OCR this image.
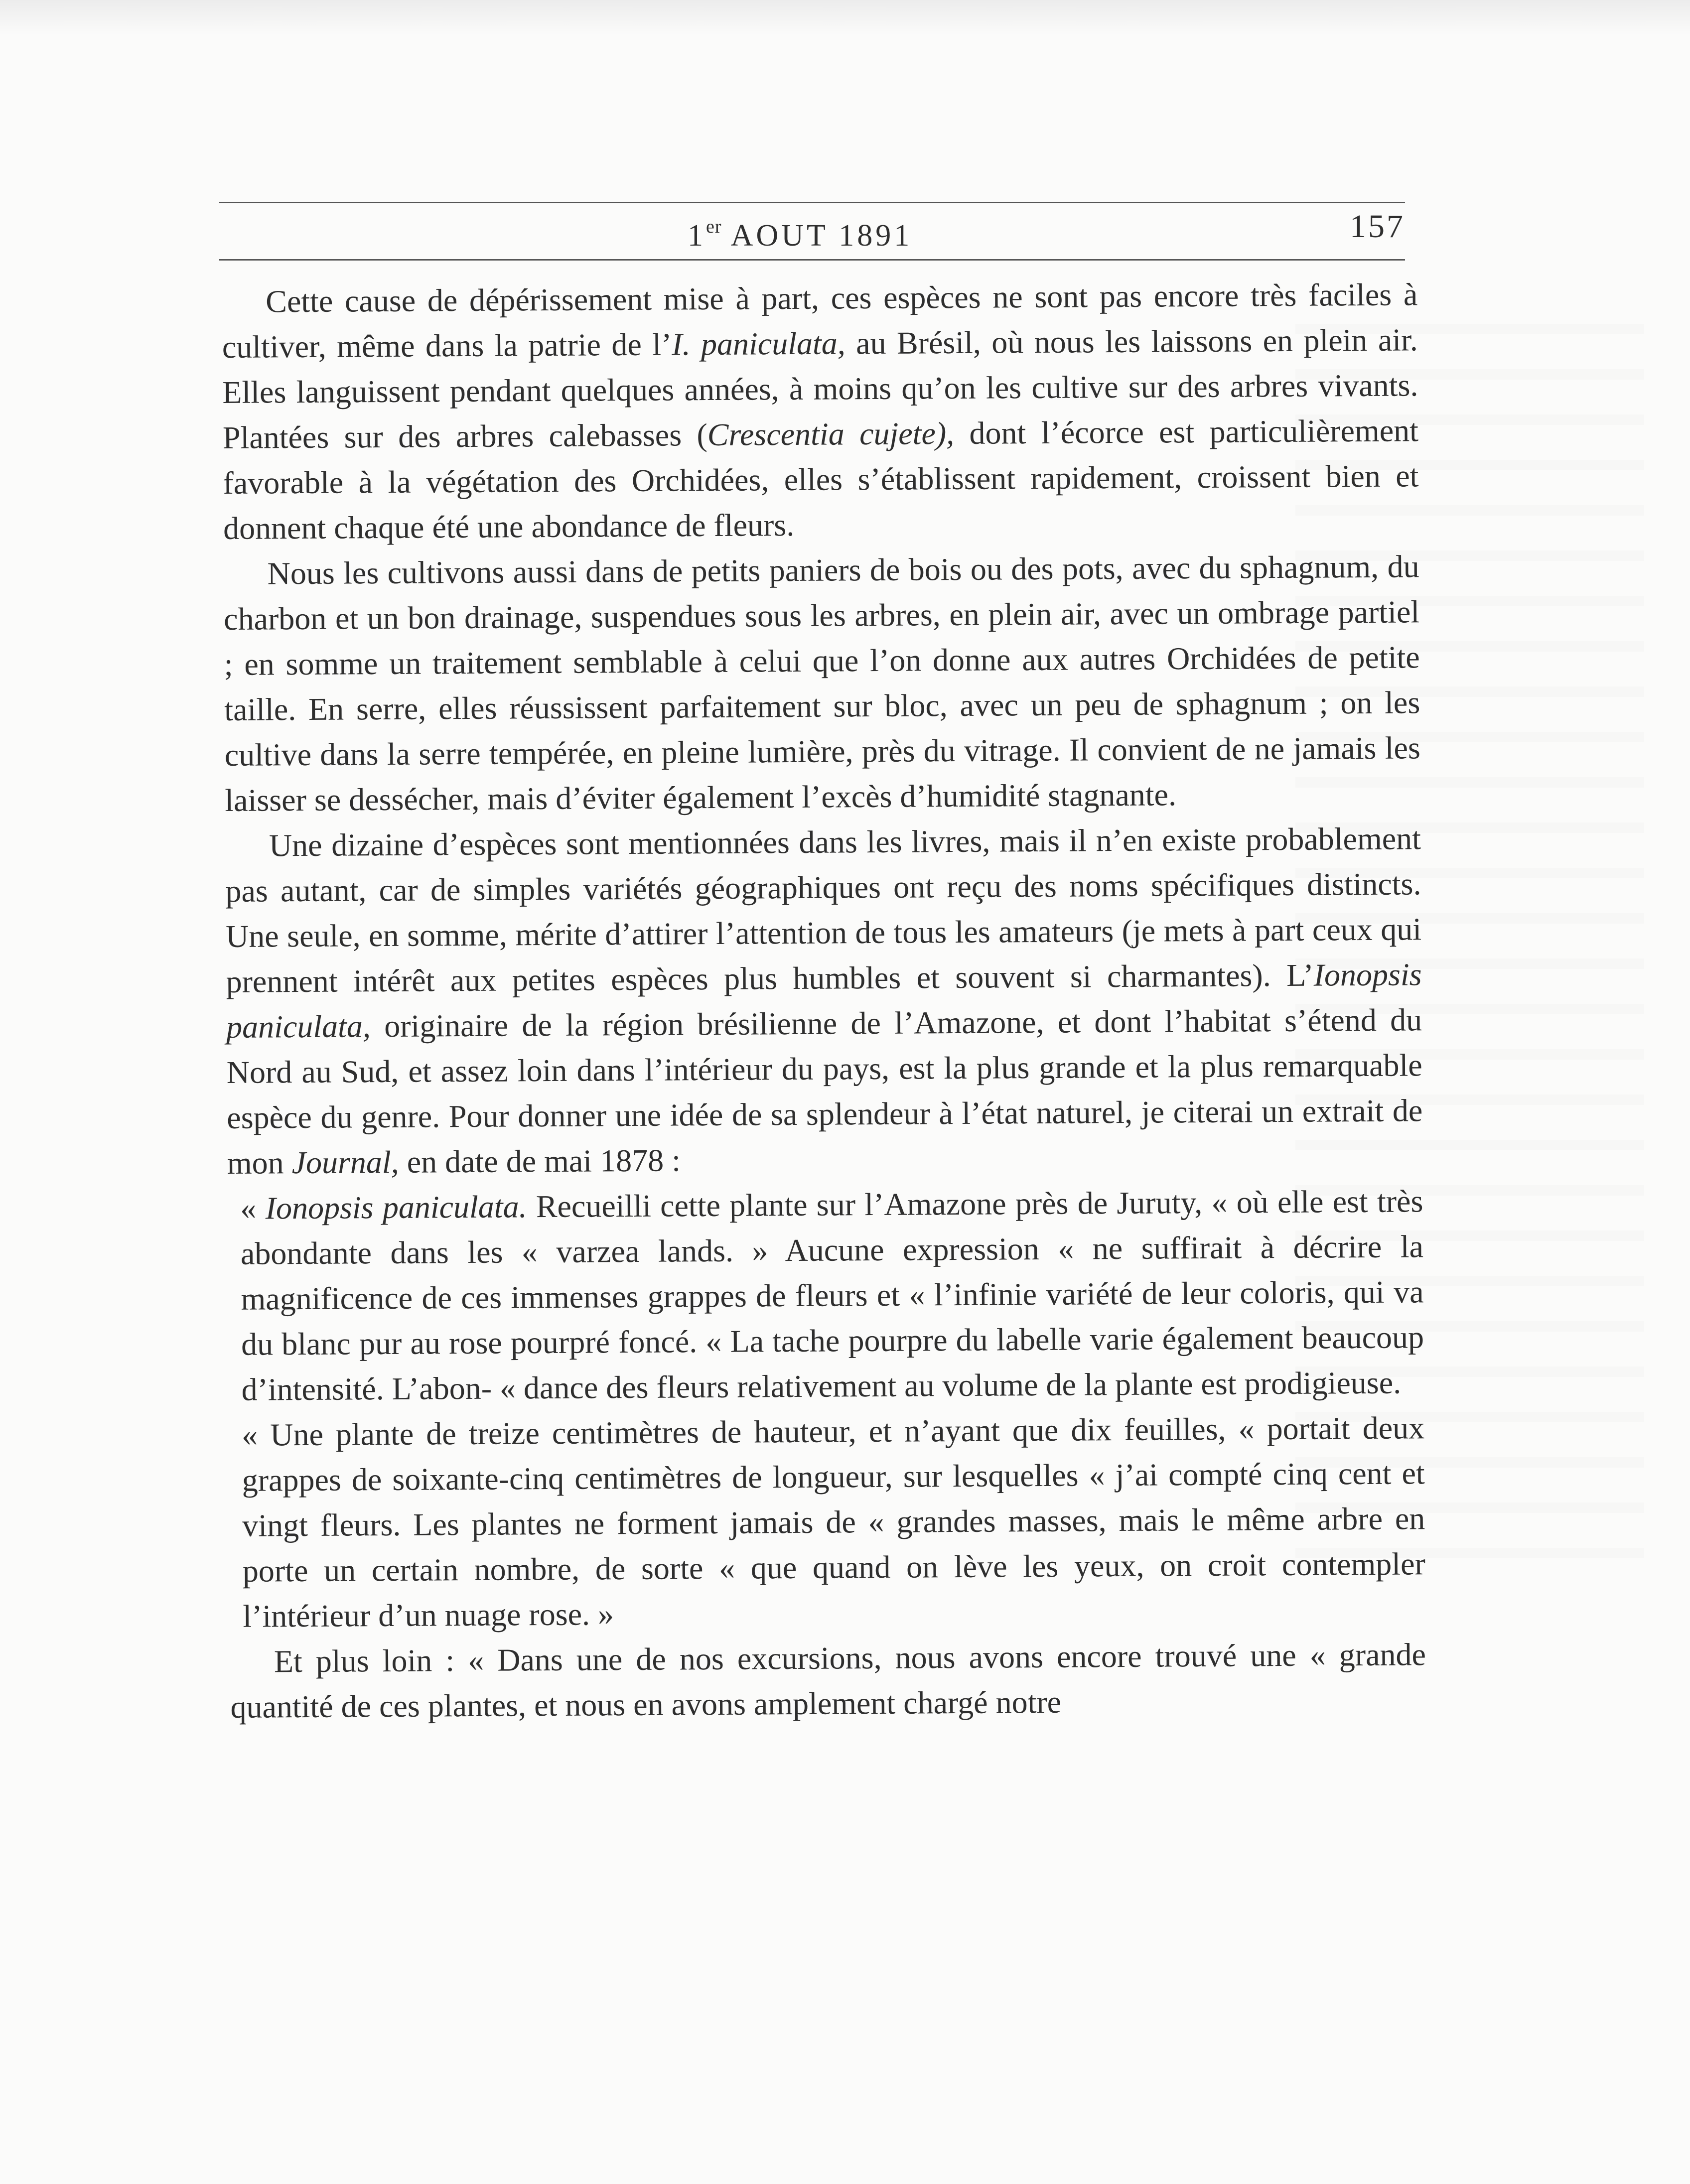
1er AOUT 1891	157

Cette cause de dépérissement mise à part, ces espèces ne sont pas encore très faciles à cultiver, même dans la patrie de l’I. paniculata, au Brésil, où nous les laissons en plein air. Elles languissent pendant quelques années, à moins qu’on les cultive sur des arbres vivants. Plantées sur des arbres calebasses (Crescentia cujete), dont l’écorce est particulièrement favorable à la végétation des Orchidées, elles s’établissent rapidement, croissent bien et donnent chaque été une abondance de fleurs.

Nous les cultivons aussi dans de petits paniers de bois ou des pots, avec du sphagnum, du charbon et un bon drainage, suspendues sous les arbres, en plein air, avec un ombrage partiel ; en somme un traitement semblable à celui que l’on donne aux autres Orchidées de petite taille. En serre, elles réussissent parfaitement sur bloc, avec un peu de sphagnum ; on les cultive dans la serre tempérée, en pleine lumière, près du vitrage. Il convient de ne jamais les laisser se dessécher, mais d’éviter également l’excès d’humidité stagnante.

Une dizaine d’espèces sont mentionnées dans les livres, mais il n’en existe probablement pas autant, car de simples variétés géographiques ont reçu des noms spécifiques distincts. Une seule, en somme, mérite d’attirer l’attention de tous les amateurs (je mets à part ceux qui prennent intérêt aux petites espèces plus humbles et souvent si charmantes). L’Ionopsis paniculata, originaire de la région brésilienne de l’Amazone, et dont l’habitat s’étend du Nord au Sud, et assez loin dans l’intérieur du pays, est la plus grande et la plus remarquable espèce du genre. Pour donner une idée de sa splendeur à l’état naturel, je citerai un extrait de mon Journal, en date de mai 1878 :

« Ionopsis paniculata. Recueilli cette plante sur l’Amazone près de Juruty, « où elle est très abondante dans les « varzea lands. » Aucune expression « ne suffirait à décrire la magnificence de ces immenses grappes de fleurs et « l’infinie variété de leur coloris, qui va du blanc pur au rose pourpré foncé. « La tache pourpre du labelle varie également beaucoup d’intensité. L’abon- « dance des fleurs relativement au volume de la plante est prodigieuse.

« Une plante de treize centimètres de hauteur, et n’ayant que dix feuilles, « portait deux grappes de soixante-cinq centimètres de longueur, sur lesquelles « j’ai compté cinq cent et vingt fleurs. Les plantes ne forment jamais de « grandes masses, mais le même arbre en porte un certain nombre, de sorte « que quand on lève les yeux, on croit contempler l’intérieur d’un nuage rose. »

Et plus loin : « Dans une de nos excursions, nous avons encore trouvé une « grande quantité de ces plantes, et nous en avons amplement chargé notre
